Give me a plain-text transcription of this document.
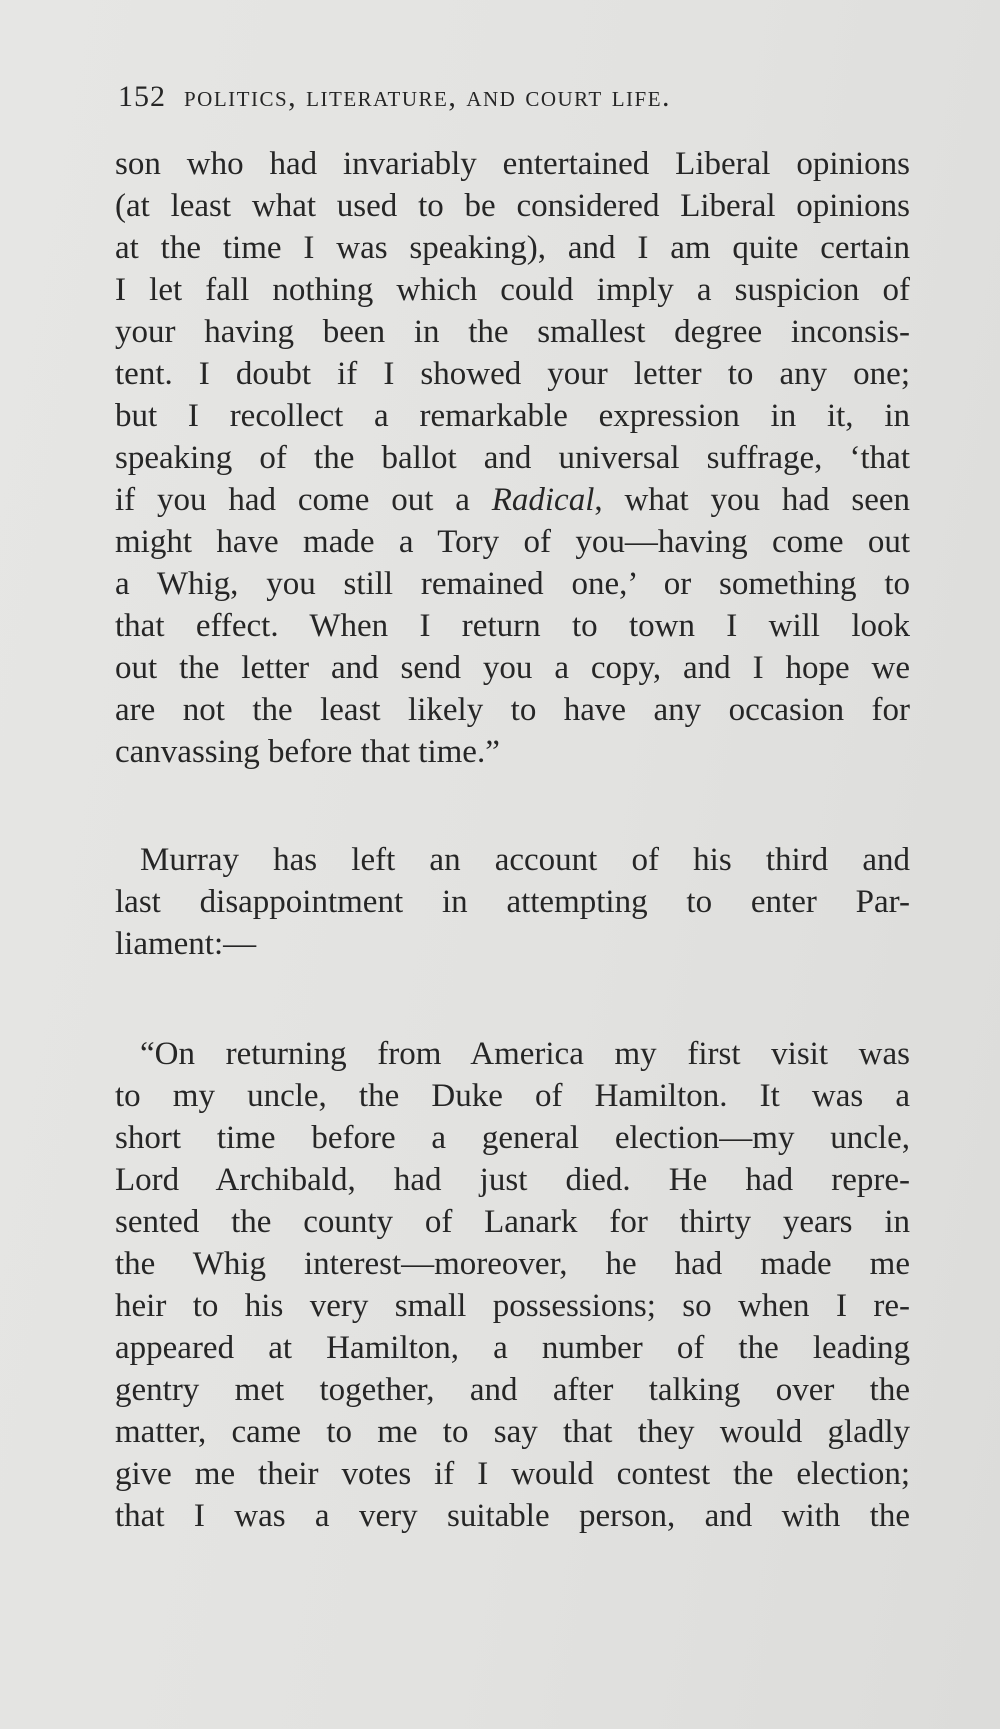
152 politics, literature, and court life.
son who had invariably entertained Liberal opinions
(at least what used to be considered Liberal opinions
at the time I was speaking), and I am quite certain
I let fall nothing which could imply a suspicion of
your having been in the smallest degree inconsis-
tent. I doubt if I showed your letter to any one;
but I recollect a remarkable expression in it, in
speaking of the ballot and universal suffrage, ‘that
if you had come out a Radical, what you had seen
might have made a Tory of you—having come out
a Whig, you still remained one,’ or something to
that effect. When I return to town I will look
out the letter and send you a copy, and I hope we
are not the least likely to have any occasion for
canvassing before that time.”
Murray has left an account of his third and
last disappointment in attempting to enter Par-
liament:—
“On returning from America my first visit was
to my uncle, the Duke of Hamilton. It was a
short time before a general election—my uncle,
Lord Archibald, had just died. He had repre-
sented the county of Lanark for thirty years in
the Whig interest—moreover, he had made me
heir to his very small possessions; so when I re-
appeared at Hamilton, a number of the leading
gentry met together, and after talking over the
matter, came to me to say that they would gladly
give me their votes if I would contest the election;
that I was a very suitable person, and with the
